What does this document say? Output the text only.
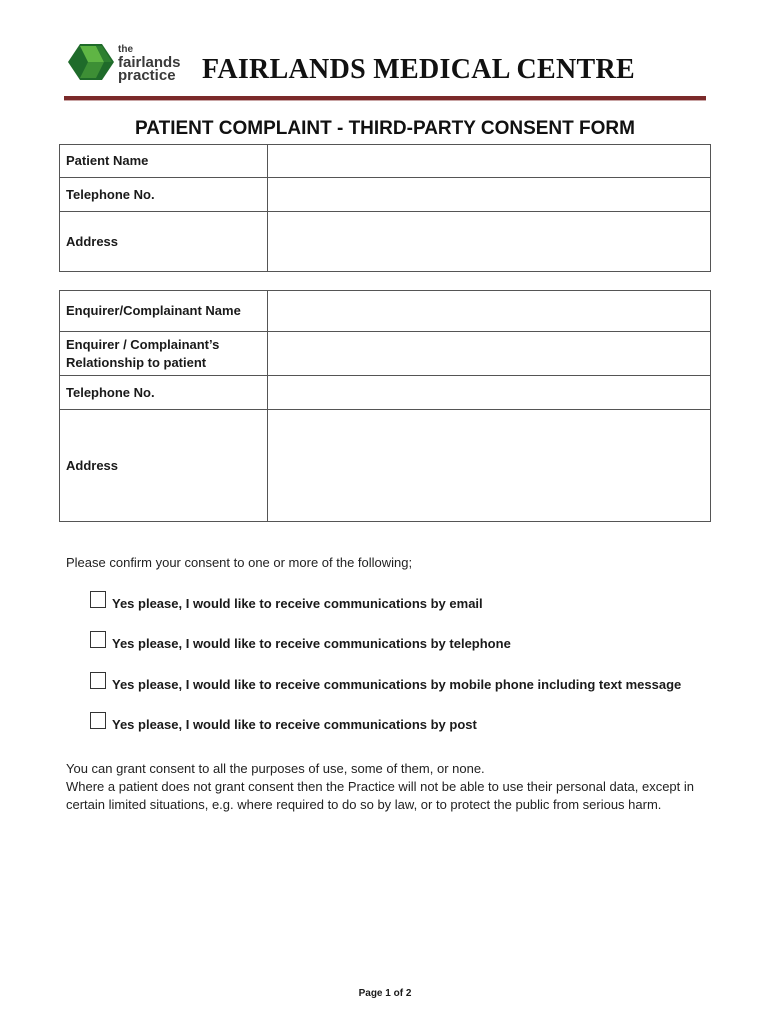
the
fairlands
practice FAIRLANDS MEDICAL CENTRE
PATIENT COMPLAINT - THIRD-PARTY CONSENT FORM
Patient Name	
Telephone No.	
Address	
Enquirer/Complainant Name	
Enquirer / Complainant’s Relationship to patient	
Telephone No.	
Address	
Please confirm your consent to one or more of the following;
Yes please, I would like to receive communications by email
Yes please, I would like to receive communications by telephone
Yes please, I would like to receive communications by mobile phone including text message
Yes please, I would like to receive communications by post

You can grant consent to all the purposes of use, some of them, or none.

Where a patient does not grant consent then the Practice will not be able to use their personal data, except in certain limited situations, e.g. where required to do so by law, or to protect the public from serious harm.

Page 1 of 2
